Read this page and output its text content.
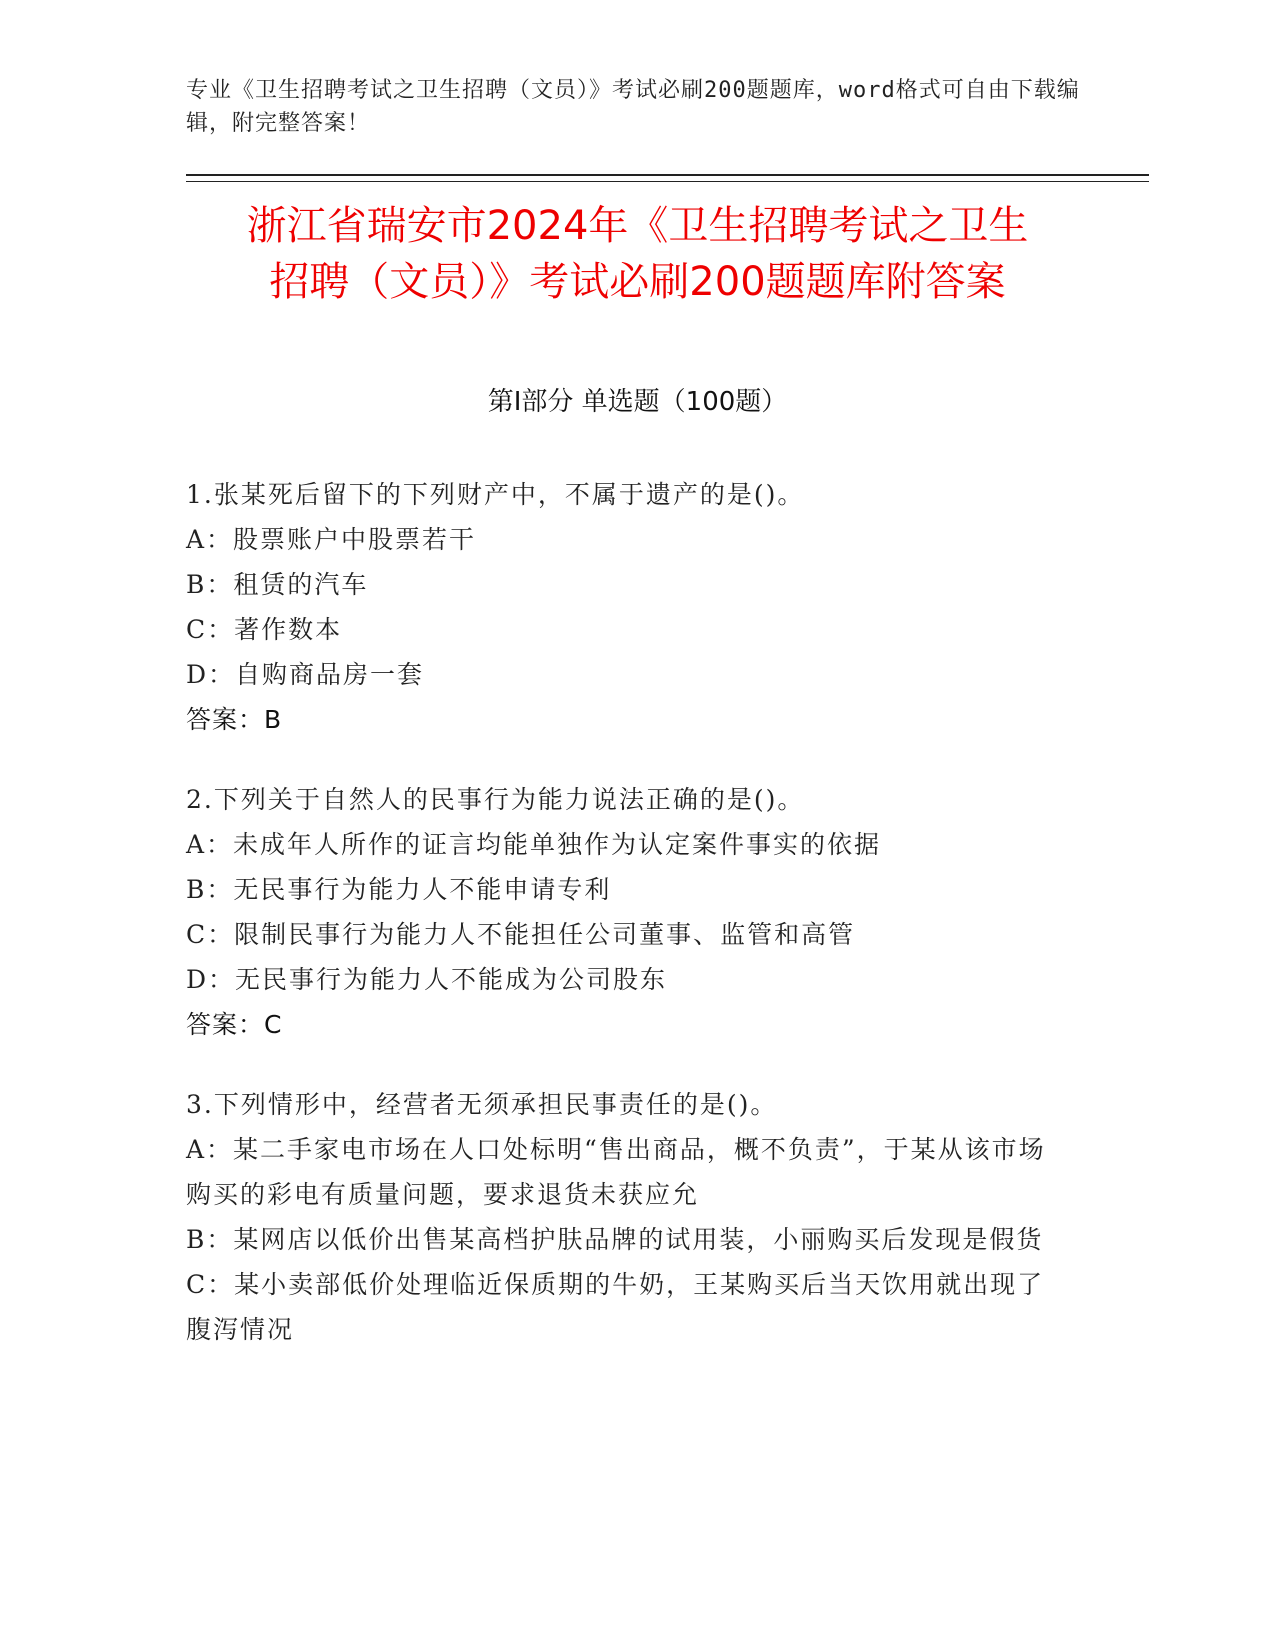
专业《卫生招聘考试之卫生招聘（文员）》考试必刷200题题库，word格式可自由下载编辑，附完整答案！
浙江省瑞安市2024年《卫生招聘考试之卫生
招聘（文员）》考试必刷200题题库附答案
第Ⅰ部分 单选题（100题）

1.张某死后留下的下列财产中，不属于遗产的是()。

A：股票账户中股票若干

B：租赁的汽车

C：著作数本

D：自购商品房一套

答案：B

2.下列关于自然人的民事行为能力说法正确的是()。

A：未成年人所作的证言均能单独作为认定案件事实的依据

B：无民事行为能力人不能申请专利

C：限制民事行为能力人不能担任公司董事、监管和高管

D：无民事行为能力人不能成为公司股东

答案：C

3.下列情形中，经营者无须承担民事责任的是()。

A：某二手家电市场在人口处标明“售出商品，概不负责”，于某从该市场购买的彩电有质量问题，要求退货未获应允

B：某网店以低价出售某高档护肤品牌的试用装，小丽购买后发现是假货

C：某小卖部低价处理临近保质期的牛奶，王某购买后当天饮用就出现了腹泻情况
